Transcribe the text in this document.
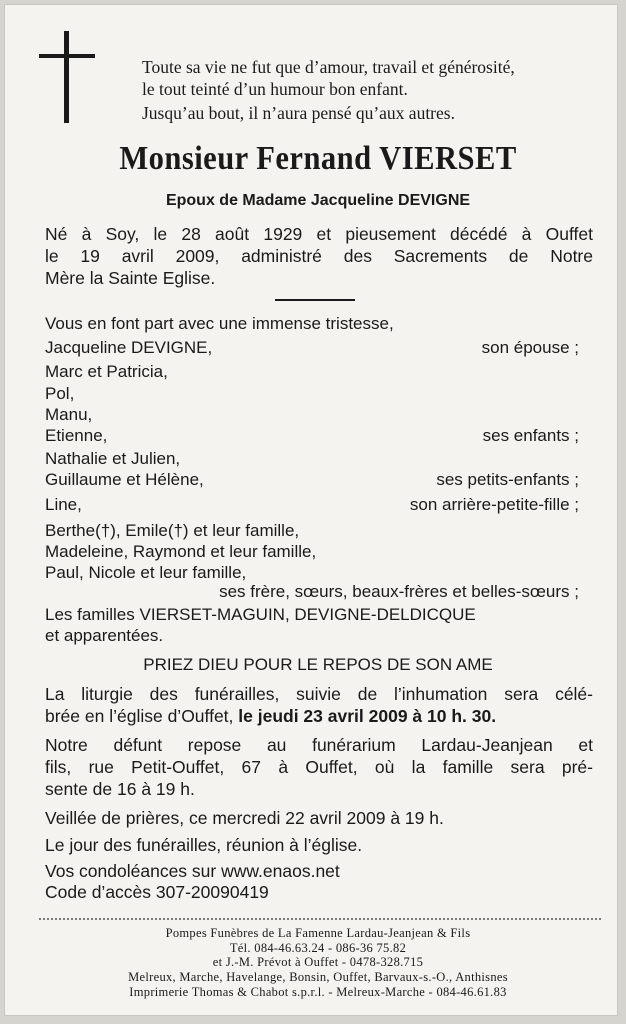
Toute sa vie ne fut que d’amour, travail et générosité,
le tout teinté d’un humour bon enfant.
Jusqu’au bout, il n’aura pensé qu’aux autres.
Monsieur Fernand VIERSET
Epoux de Madame Jacqueline DEVIGNE
Né à Soy, le 28 août 1929 et pieusement décédé à Ouffet
le 19 avril 2009, administré des Sacrements de Notre
Mère la Sainte Eglise.
Vous en font part avec une immense tristesse,
Jacqueline DEVIGNE,	son épouse ;
Marc et Patricia,
Pol,
Manu,
Etienne,	ses enfants ;
Nathalie et Julien,
Guillaume et Hélène,	ses petits-enfants ;
Line,	son arrière-petite-fille ;
Berthe(†), Emile(†) et leur famille,
Madeleine, Raymond et leur famille,
Paul, Nicole et leur famille,
ses frère, sœurs, beaux-frères et belles-sœurs ;
Les familles VIERSET-MAGUIN, DEVIGNE-DELDICQUE
et apparentées.
PRIEZ DIEU POUR LE REPOS DE SON AME
La liturgie des funérailles, suivie de l’inhumation sera célé-
brée en l’église d’Ouffet, le jeudi 23 avril 2009 à 10 h. 30.
Notre défunt repose au funérarium Lardau-Jeanjean et
fils, rue Petit-Ouffet, 67 à Ouffet, où la famille sera pré-
sente de 16 à 19 h.
Veillée de prières, ce mercredi 22 avril 2009 à 19 h.
Le jour des funérailles, réunion à l’église.
Vos condoléances sur www.enaos.net
Code d’accès 307-20090419
Pompes Funèbres de La Famenne Lardau-Jeanjean & Fils
Tél. 084-46.63.24 - 086-36 75.82
et J.-M. Prévot à Ouffet - 0478-328.715
Melreux, Marche, Havelange, Bonsin, Ouffet, Barvaux-s.-O., Anthisnes
Imprimerie Thomas & Chabot s.p.r.l. - Melreux-Marche - 084-46.61.83
